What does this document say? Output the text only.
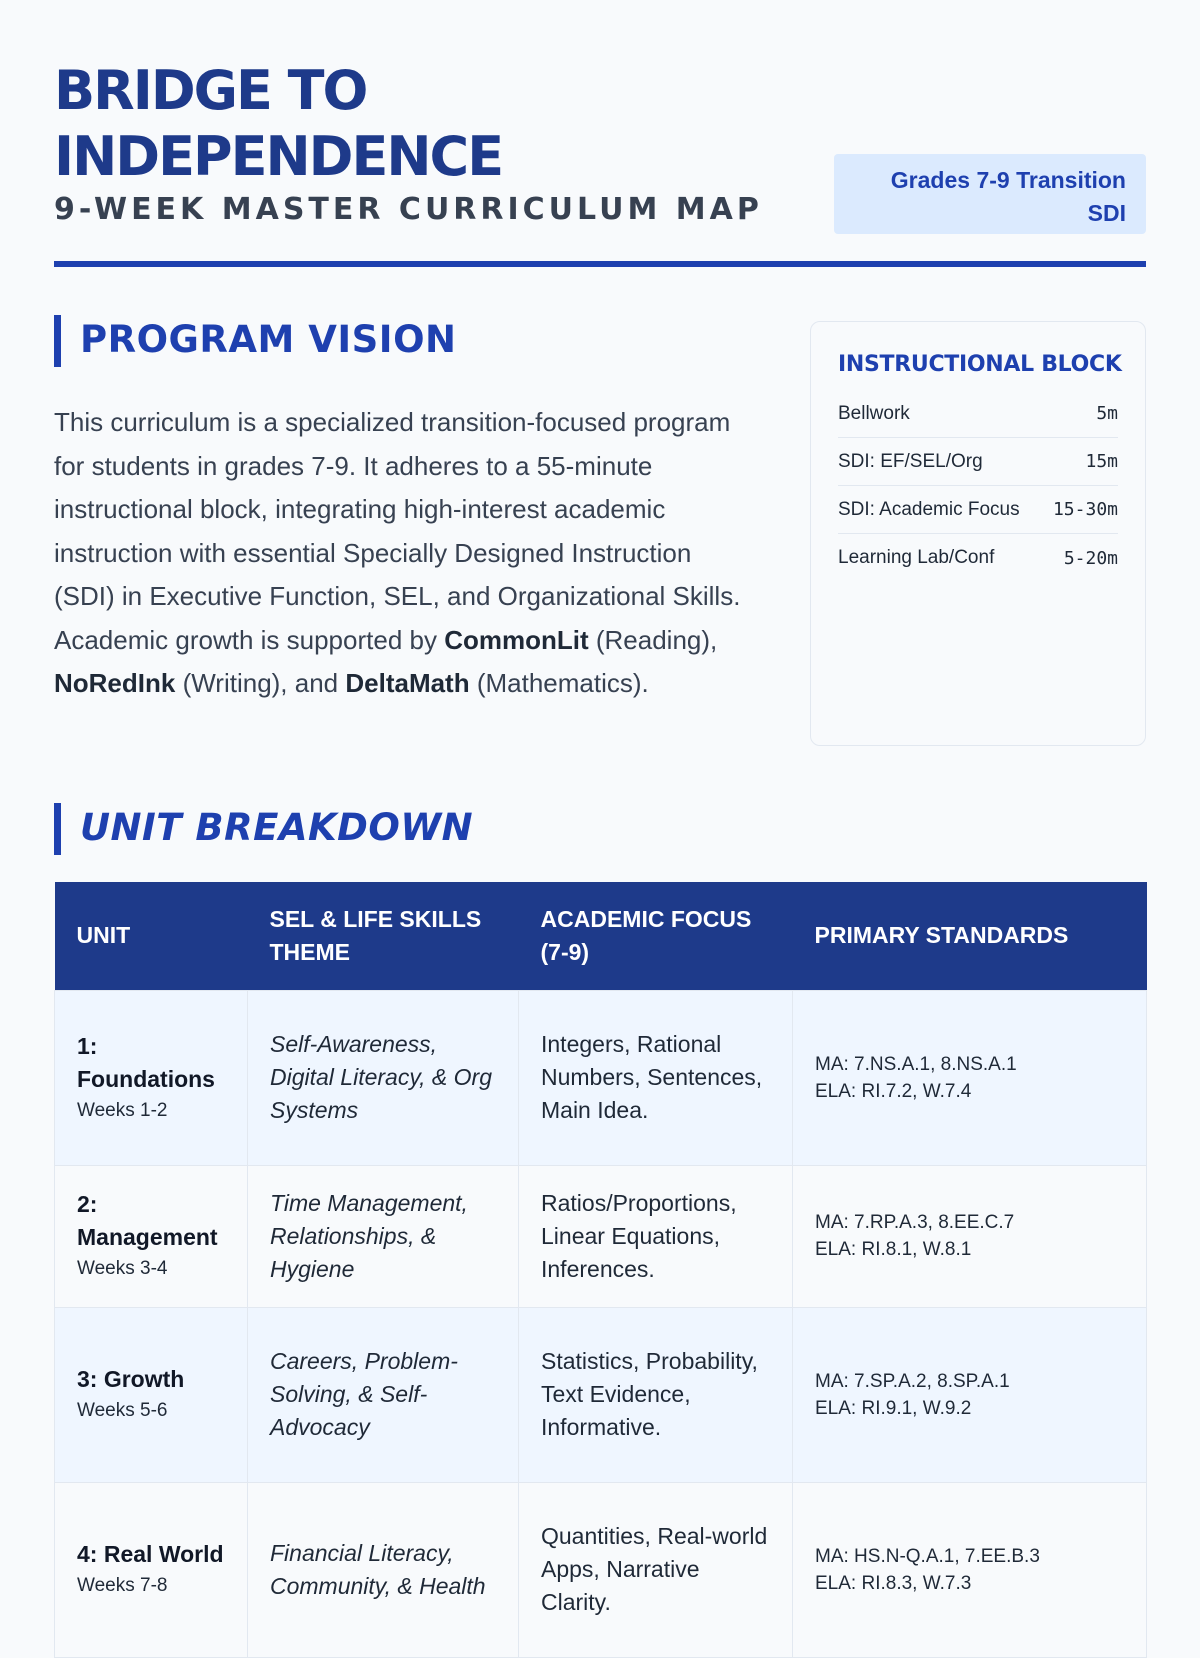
BRIDGE TO INDEPENDENCE
9-WEEK MASTER CURRICULUM MAP
Grades 7-9 Transition SDI
PROGRAM VISION

This curriculum is a specialized transition-focused program for students in grades 7-9. It adheres to a 55-minute instructional block, integrating high-interest academic instruction with essential Specially Designed Instruction (SDI) in Executive Function, SEL, and Organizational Skills. Academic growth is supported by CommonLit (Reading), NoRedInk (Writing), and DeltaMath (Mathematics).

INSTRUCTIONAL BLOCK
Bellwork	5m
SDI: EF/SEL/Org	15m
SDI: Academic Focus 15-30m
Learning Lab/Conf	5-20m
UNIT BREAKDOWN
UNIT	SEL & LIFE SKILLS THEME	ACADEMIC FOCUS (7-9)	PRIMARY STANDARDS

1: Foundations
Weeks 1-2	Self-Awareness, Digital Literacy, & Org Systems	Integers, Rational Numbers, Sentences, Main Idea.	MA: 7.NS.A.1, 8.NS.A.1
ELA: RI.7.2, W.7.4

2: Management
Weeks 3-4	Time Management, Relationships, & Hygiene	Ratios/Proportions, Linear Equations, Inferences.	MA: 7.RP.A.3, 8.EE.C.7
ELA: RI.8.1, W.8.1

3: Growth
Weeks 5-6	Careers, Problem-Solving, & Self-Advocacy	Statistics, Probability, Text Evidence, Informative.	MA: 7.SP.A.2, 8.SP.A.1
ELA: RI.9.1, W.9.2

4: Real World
Weeks 7-8	Financial Literacy, Community, & Health	Quantities, Real-world Apps, Narrative Clarity.	MA: HS.N-Q.A.1, 7.EE.B.3
ELA: RI.8.3, W.7.3
